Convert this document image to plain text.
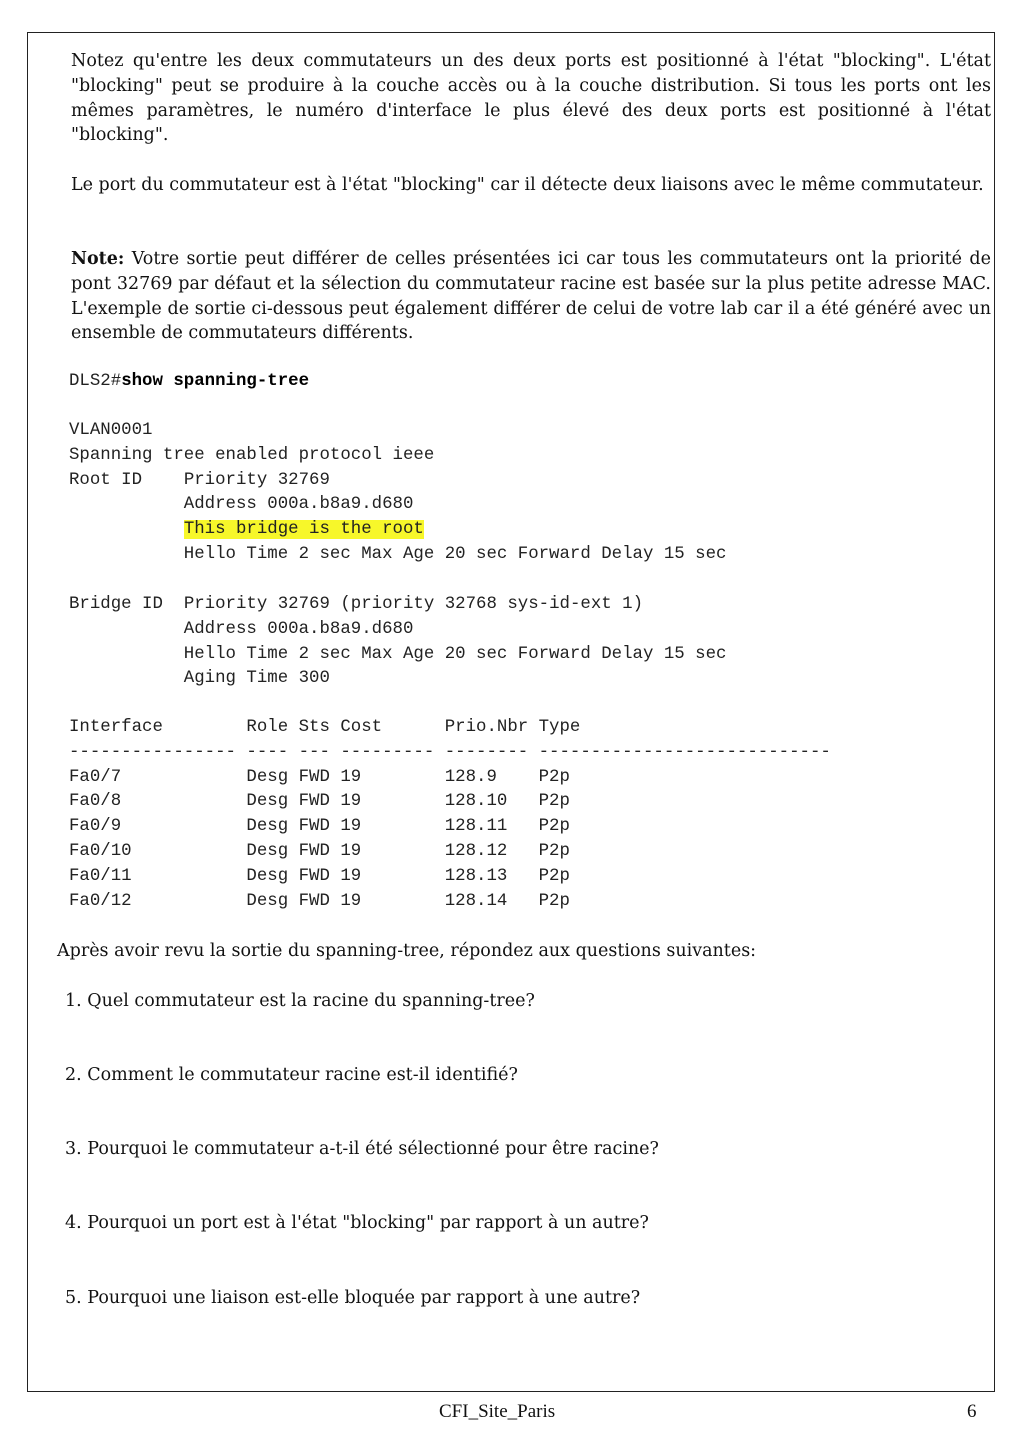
Notez qu'entre les deux commutateurs un des deux ports est positionné à l'état "blocking". L'état "blocking" peut se produire à la couche accès ou à la couche distribution. Si tous les ports ont les mêmes paramètres, le numéro d'interface le plus élevé des deux ports est positionné à l'état "blocking".

Le port du commutateur est à l'état "blocking" car il détecte deux liaisons avec le même commutateur.

Note: Votre sortie peut différer de celles présentées ici car tous les commutateurs ont la priorité de pont 32769 par défaut et la sélection du commutateur racine est basée sur la plus petite adresse MAC. L'exemple de sortie ci-dessous peut également différer de celui de votre lab car il a été généré avec un ensemble de commutateurs différents.

DLS2#show spanning-tree
VLAN0001
Spanning tree enabled protocol ieee
Root ID    Priority 32769
Address 000a.b8a9.d680
This bridge is the root
Hello Time 2 sec Max Age 20 sec Forward Delay 15 sec
Bridge ID  Priority 32769 (priority 32768 sys-id-ext 1)
Address 000a.b8a9.d680
Hello Time 2 sec Max Age 20 sec Forward Delay 15 sec
Aging Time 300
Interface        Role Sts Cost      Prio.Nbr Type
---------------- ---- --- --------- -------- ----------------------------
Fa0/7            Desg FWD 19        128.9    P2p
Fa0/8            Desg FWD 19        128.10   P2p
Fa0/9            Desg FWD 19        128.11   P2p
Fa0/10           Desg FWD 19        128.12   P2p
Fa0/11           Desg FWD 19        128.13   P2p
Fa0/12           Desg FWD 19        128.14   P2p

Après avoir revu la sortie du spanning-tree, répondez aux questions suivantes:

1. Quel commutateur est la racine du spanning-tree?

2. Comment le commutateur racine est-il identifié?

3. Pourquoi le commutateur a-t-il été sélectionné pour être racine?

4. Pourquoi un port est à l'état "blocking" par rapport à un autre?

5. Pourquoi une liaison est-elle bloquée par rapport à une autre?

CFI_Site_Paris	6
